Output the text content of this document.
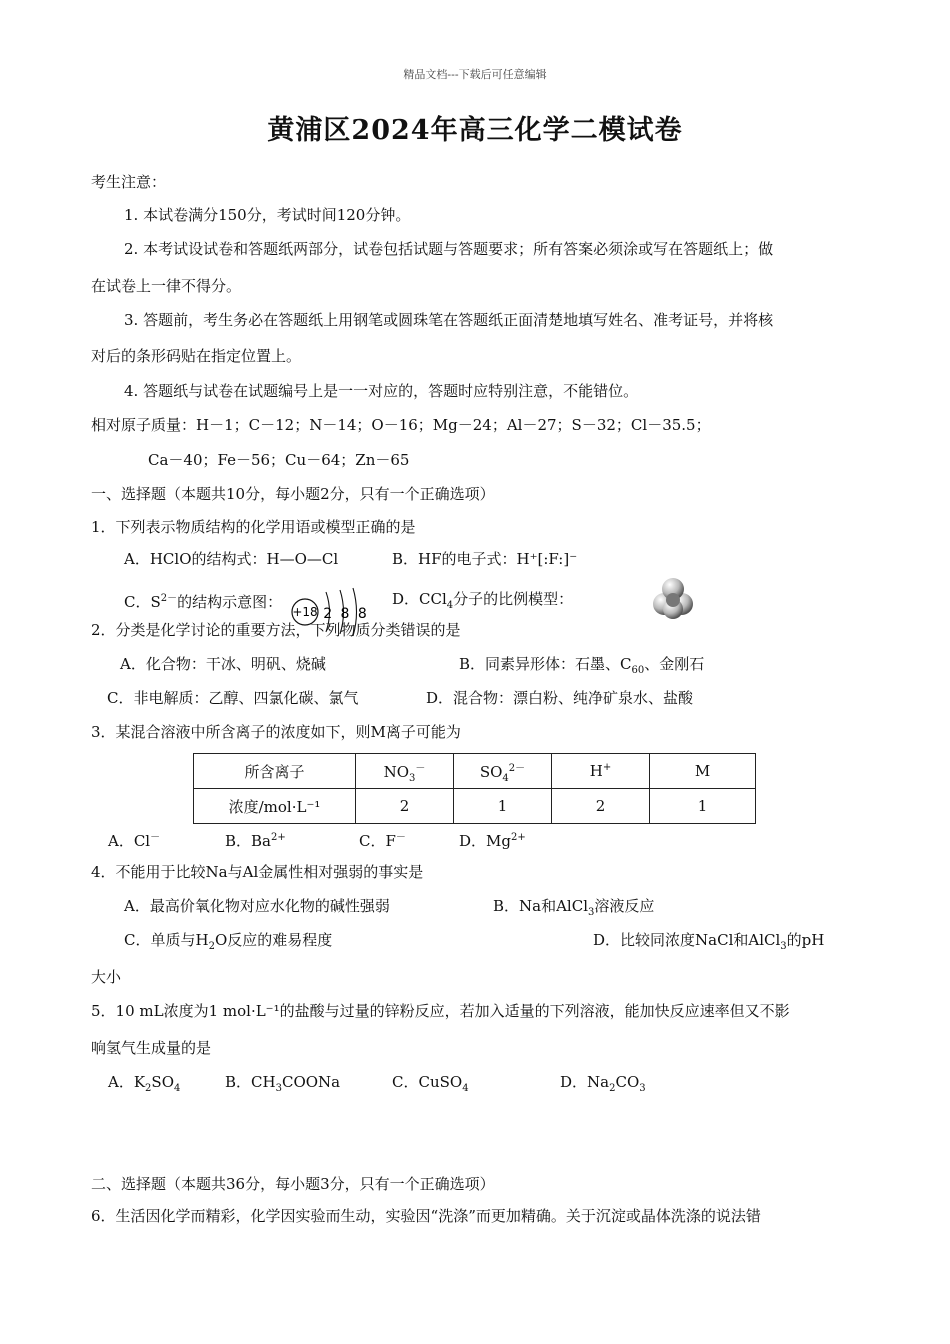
精品文档---下载后可任意编辑
黄浦区2024年高三化学二模试卷
考生注意：
1. 本试卷满分150分，考试时间120分钟。
2. 本考试设试卷和答题纸两部分，试卷包括试题与答题要求；所有答案必须涂或写在答题纸上；做
在试卷上一律不得分。
3. 答题前，考生务必在答题纸上用钢笔或圆珠笔在答题纸正面清楚地填写姓名、准考证号，并将核
对后的条形码贴在指定位置上。
4. 答题纸与试卷在试题编号上是一一对应的，答题时应特别注意，不能错位。
相对原子质量：H－1；C－12；N－14；O－16；Mg－24；Al－27；S－32；Cl－35.5；
Ca－40；Fe－56；Cu－64；Zn－65
一、选择题（本题共10分，每小题2分，只有一个正确选项）
1．下列表示物质结构的化学用语或模型正确的是
A．HClO的结构式：H—O—Cl	B．HF的电子式：H⁺[:F:]⁻
C．$S^{2-}$的结构示意图：
+18 2 8 8
D．CCl$_4$分子的比例模型：
2．分类是化学讨论的重要方法，下列物质分类错误的是
A．化合物：干冰、明矾、烧碱	B．同素异形体：石墨、$C_{60}$、金刚石
C．非电解质：乙醇、四氯化碳、氯气	D．混合物：漂白粉、纯净矿泉水、盐酸
3．某混合溶液中所含离子的浓度如下，则M离子可能为
所含离子	$NO_3^-$	$SO_4^{2-}$	H+	M
浓度/mol·L⁻¹	2	1	2	1
A．Cl－	B．$Ba^{2+}$	C．F－	D．$Mg^{2+}$
4．不能用于比较Na与Al金属性相对强弱的事实是
A．最高价氧化物对应水化物的碱性强弱	B．Na和AlCl$_3$溶液反应
C．单质与$H_2O$反应的难易程度	D．比较同浓度NaCl和AlCl$_3$的pH
大小
5．10 mL浓度为1 mol·L⁻¹的盐酸与过量的锌粉反应，若加入适量的下列溶液，能加快反应速率但又不影
响氢气生成量的是
A．$K_2SO_4$	B．$CH_3COONa$	C．CuSO$_4$	D．$Na_2CO_3$
二、选择题（本题共36分，每小题3分，只有一个正确选项）
6．生活因化学而精彩，化学因实验而生动，实验因“洗涤”而更加精确。关于沉淀或晶体洗涤的说法错
